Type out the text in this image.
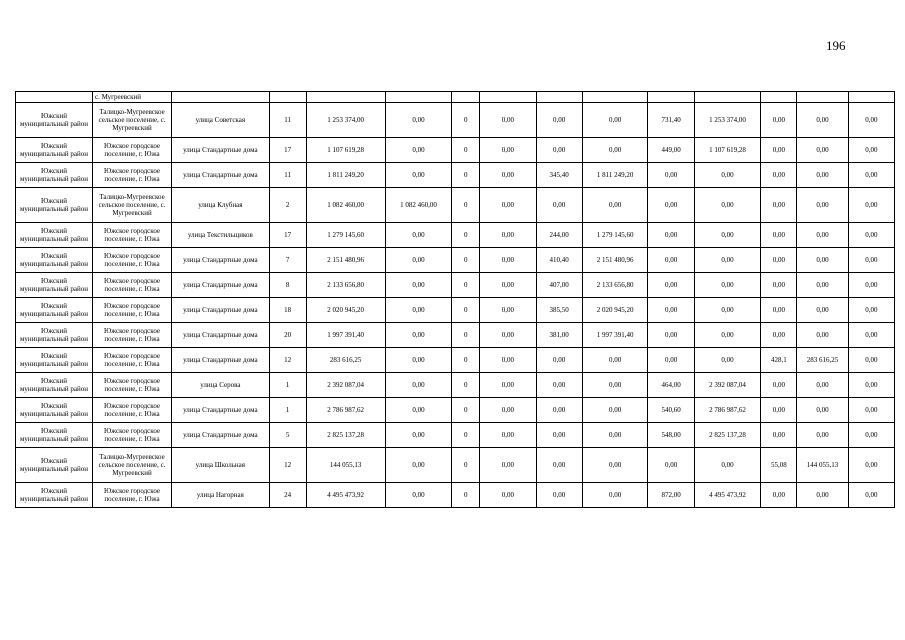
196
	с. Мугреевский													
Южский муниципальный район	Талицко-Мугреевское сельское поселение, с. Мугреевский	улица Советская	11	1 253 374,00	0,00	0	0,00	0,00	0,00	731,40	1 253 374,00	0,00	0,00	0,00
Южский муниципальный район	Южское городское поселение, г. Южа	улица Стандартные дома	17	1 107 619,28	0,00	0	0,00	0,00	0,00	449,00	1 107 619,28	0,00	0,00	0,00
Южский муниципальный район	Южское городское поселение, г. Южа	улица Стандартные дома	11	1 811 249,20	0,00	0	0,00	345,40	1 811 249,20	0,00	0,00	0,00	0,00	0,00
Южский муниципальный район	Талицко-Мугреевское сельское поселение, с. Мугреевский	улица Клубная	2	1 082 460,00	1 082 460,00	0	0,00	0,00	0,00	0,00	0,00	0,00	0,00	0,00
Южский муниципальный район	Южское городское поселение, г. Южа	улица Текстильщиков	17	1 279 145,60	0,00	0	0,00	244,00	1 279 145,60	0,00	0,00	0,00	0,00	0,00
Южский муниципальный район	Южское городское поселение, г. Южа	улица Стандартные дома	7	2 151 480,96	0,00	0	0,00	410,40	2 151 480,96	0,00	0,00	0,00	0,00	0,00
Южский муниципальный район	Южское городское поселение, г. Южа	улица Стандартные дома	8	2 133 656,80	0,00	0	0,00	407,00	2 133 656,80	0,00	0,00	0,00	0,00	0,00
Южский муниципальный район	Южское городское поселение, г. Южа	улица Стандартные дома	18	2 020 945,20	0,00	0	0,00	385,50	2 020 945,20	0,00	0,00	0,00	0,00	0,00
Южский муниципальный район	Южское городское поселение, г. Южа	улица Стандартные дома	20	1 997 391,40	0,00	0	0,00	381,00	1 997 391,40	0,00	0,00	0,00	0,00	0,00
Южский муниципальный район	Южское городское поселение, г. Южа	улица Стандартные дома	12	283 616,25	0,00	0	0,00	0,00	0,00	0,00	0,00	428,1	283 616,25	0,00
Южский муниципальный район	Южское городское поселение, г. Южа	улица Серова	1	2 392 087,04	0,00	0	0,00	0,00	0,00	464,00	2 392 087,04	0,00	0,00	0,00
Южский муниципальный район	Южское городское поселение, г. Южа	улица Стандартные дома	1	2 786 987,62	0,00	0	0,00	0,00	0,00	540,60	2 786 987,62	0,00	0,00	0,00
Южский муниципальный район	Южское городское поселение, г. Южа	улица Стандартные дома	5	2 825 137,28	0,00	0	0,00	0,00	0,00	548,00	2 825 137,28	0,00	0,00	0,00
Южский муниципальный район	Талицко-Мугреевское сельское поселение, с. Мугреевский	улица Школьная	12	144 055,13	0,00	0	0,00	0,00	0,00	0,00	0,00	55,08	144 055,13	0,00
Южский муниципальный район	Южское городское поселение, г. Южа	улица Нагорная	24	4 495 473,92	0,00	0	0,00	0,00	0,00	872,00	4 495 473,92	0,00	0,00	0,00
